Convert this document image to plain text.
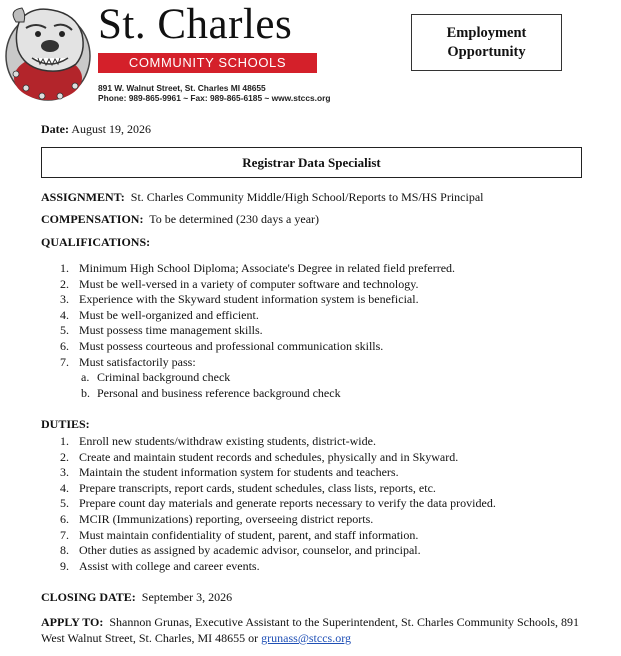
St. Charles
COMMUNITY SCHOOLS
891 W. Walnut Street, St. Charles MI 48655
Phone: 989-865-9961 ~ Fax: 989-865-6185 ~ www.stccs.org
Employment
Opportunity
Registrar Data Specialist
Date: August 19, 2026
ASSIGNMENT: St. Charles Community Middle/High School/Reports to MS/HS Principal
COMPENSATION: To be determined (230 days a year)
QUALIFICATIONS:
1. Minimum High School Diploma; Associate's Degree in related field preferred.
2. Must be well-versed in a variety of computer software and technology.
3. Experience with the Skyward student information system is beneficial.
4. Must be well-organized and efficient.
5. Must possess time management skills.
6. Must possess courteous and professional communication skills.
7. Must satisfactorily pass:
a. Criminal background check
b. Personal and business reference background check
DUTIES:
1. Enroll new students/withdraw existing students, district-wide.
2. Create and maintain student records and schedules, physically and in Skyward.
3. Maintain the student information system for students and teachers.
4. Prepare transcripts, report cards, student schedules, class lists, reports, etc.
5. Prepare count day materials and generate reports necessary to verify the data provided.
6. MCIR (Immunizations) reporting, overseeing district reports.
7. Must maintain confidentiality of student, parent, and staff information.
8. Other duties as assigned by academic advisor, counselor, and principal.
9. Assist with college and career events.
CLOSING DATE: September 3, 2026
APPLY TO: Shannon Grunas, Executive Assistant to the Superintendent, St. Charles Community Schools, 891
West Walnut Street, St. Charles, MI 48655 or grunass@stccs.org
